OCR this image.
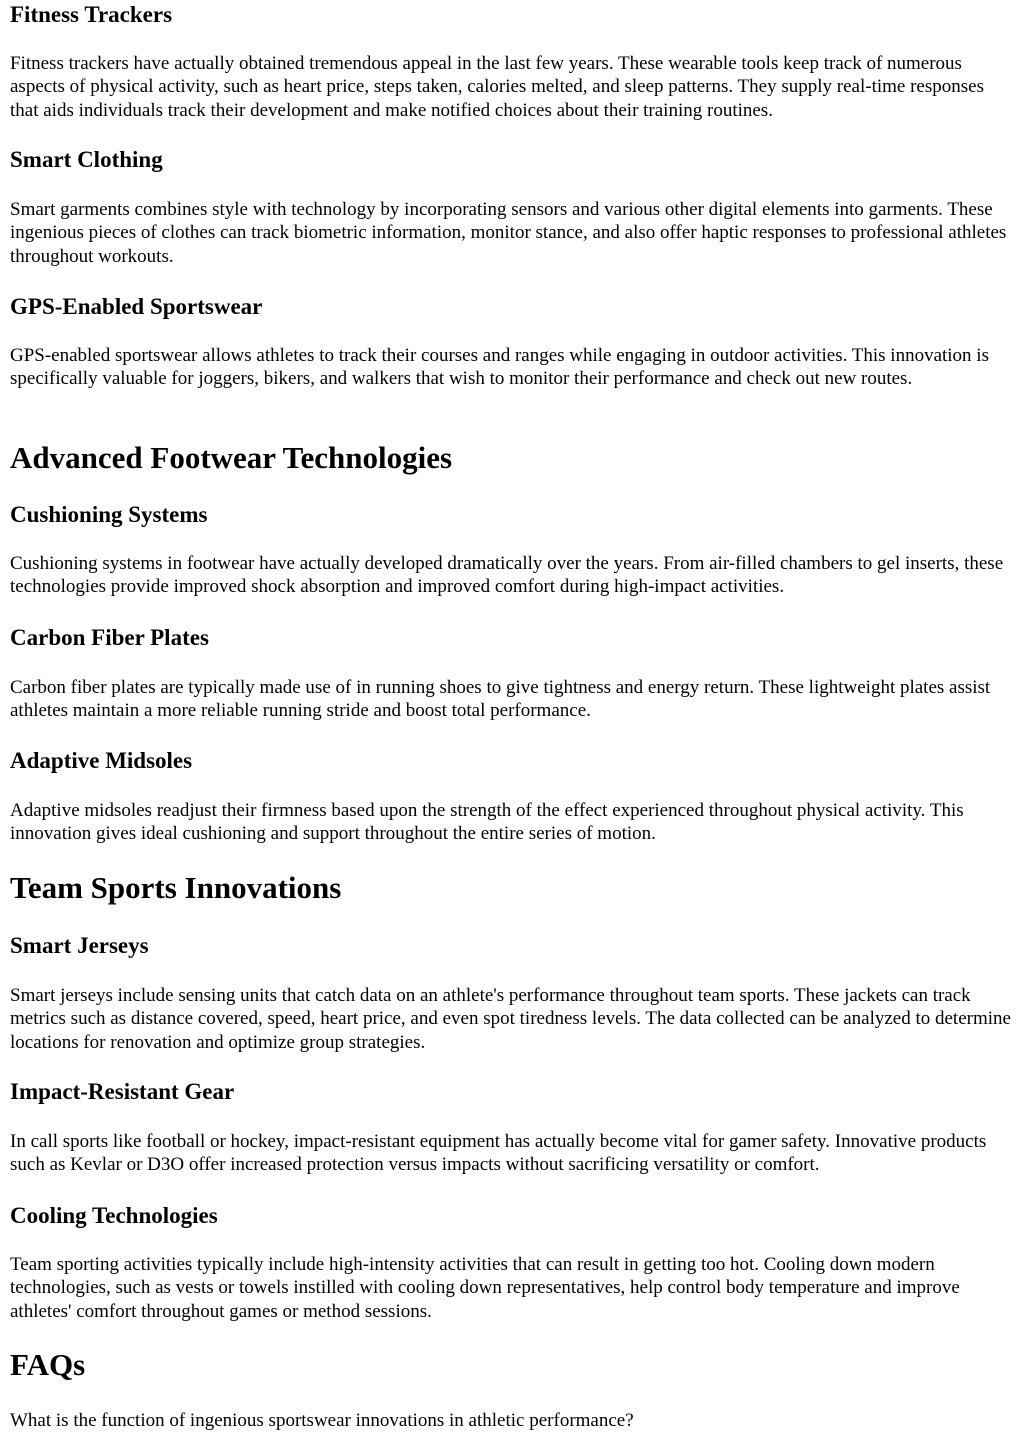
Fitness Trackers

Fitness trackers have actually obtained tremendous appeal in the last few years. These wearable tools keep track of numerous aspects of physical activity, such as heart price, steps taken, calories melted, and sleep patterns. They supply real-time responses that aids individuals track their development and make notified choices about their training routines.

Smart Clothing

Smart garments combines style with technology by incorporating sensors and various other digital elements into garments. These ingenious pieces of clothes can track biometric information, monitor stance, and also offer haptic responses to professional athletes throughout workouts.

GPS-Enabled Sportswear

GPS-enabled sportswear allows athletes to track their courses and ranges while engaging in outdoor activities. This innovation is specifically valuable for joggers, bikers, and walkers that wish to monitor their performance and check out new routes.

Advanced Footwear Technologies
Cushioning Systems

Cushioning systems in footwear have actually developed dramatically over the years. From air-filled chambers to gel inserts, these technologies provide improved shock absorption and improved comfort during high-impact activities.

Carbon Fiber Plates

Carbon fiber plates are typically made use of in running shoes to give tightness and energy return. These lightweight plates assist athletes maintain a more reliable running stride and boost total performance.

Adaptive Midsoles

Adaptive midsoles readjust their firmness based upon the strength of the effect experienced throughout physical activity. This innovation gives ideal cushioning and support throughout the entire series of motion.

Team Sports Innovations
Smart Jerseys

Smart jerseys include sensing units that catch data on an athlete's performance throughout team sports. These jackets can track metrics such as distance covered, speed, heart price, and even spot tiredness levels. The data collected can be analyzed to determine locations for renovation and optimize group strategies.

Impact-Resistant Gear

In call sports like football or hockey, impact-resistant equipment has actually become vital for gamer safety. Innovative products such as Kevlar or D3O offer increased protection versus impacts without sacrificing versatility or comfort.

Cooling Technologies

Team sporting activities typically include high-intensity activities that can result in getting too hot. Cooling down modern technologies, such as vests or towels instilled with cooling down representatives, help control body temperature and improve athletes' comfort throughout games or method sessions.

FAQs

What is the function of ingenious sportswear innovations in athletic performance?
